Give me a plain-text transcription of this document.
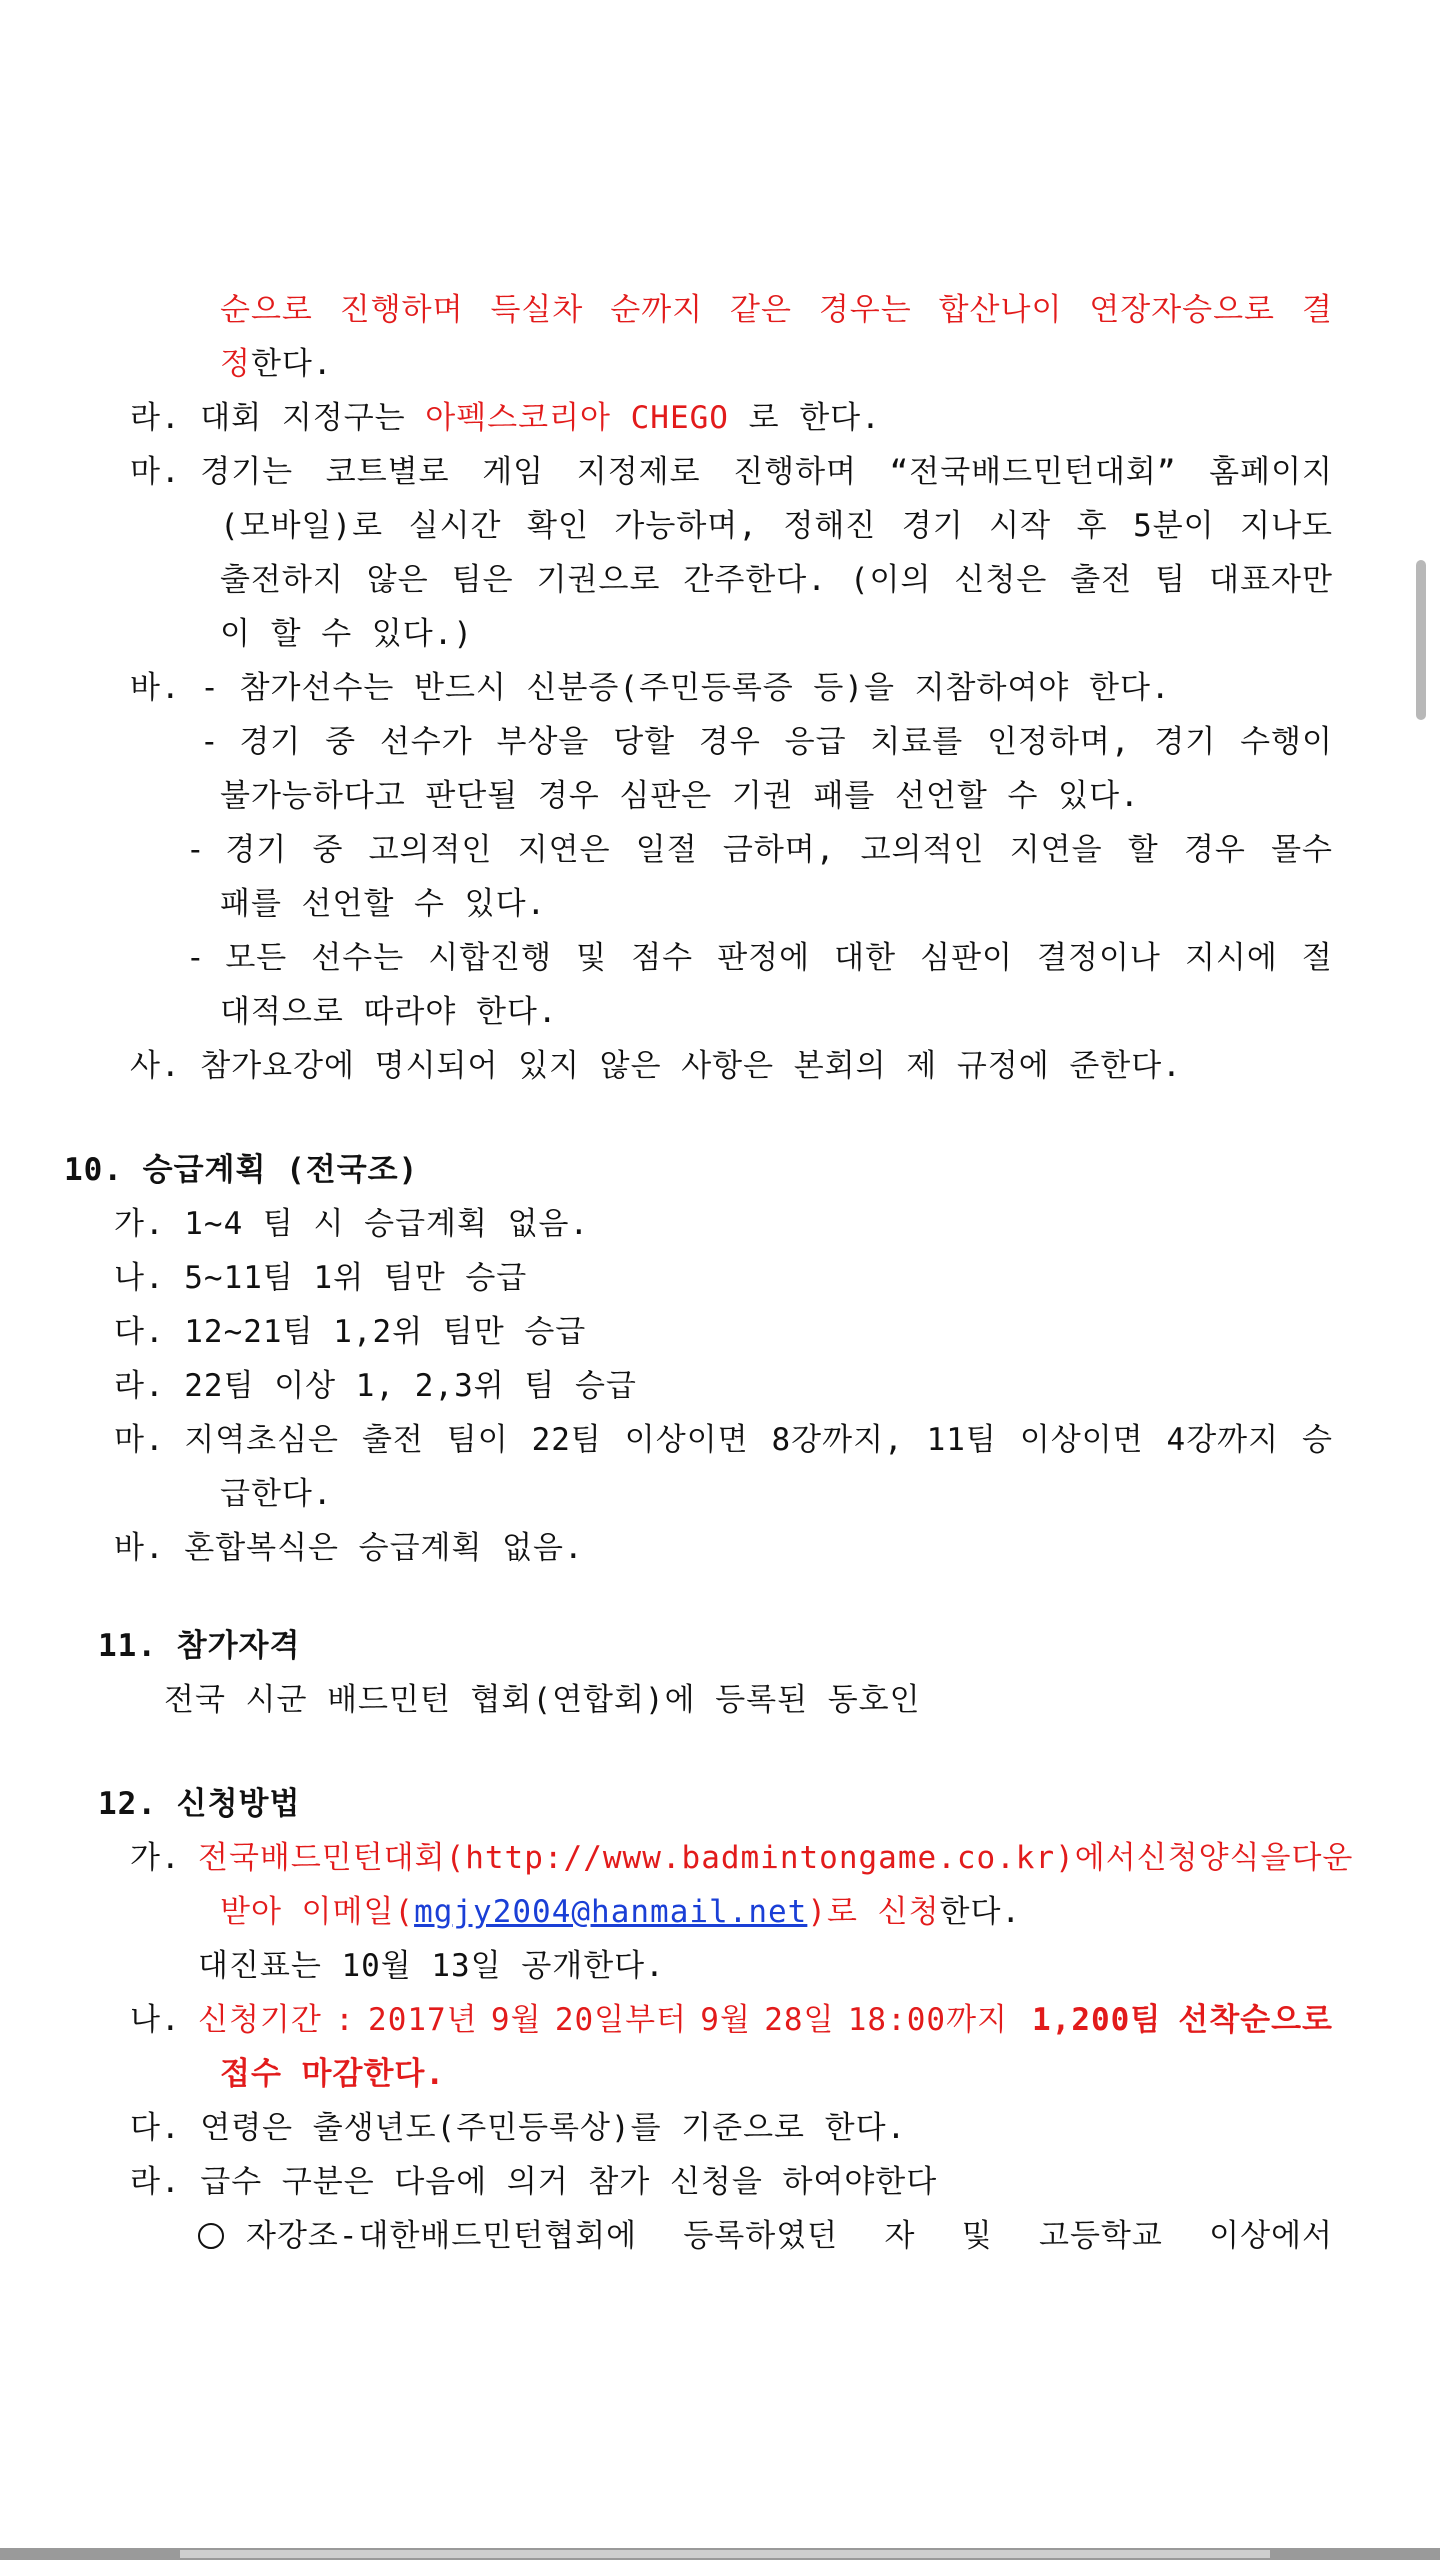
순으로 진행하며 득실차 순까지 같은 경우는 합산나이 연장자승으로 결
정한다.
라. 대회 지정구는 아펙스코리아 CHEGO 로 한다.
마. 경기는 코트별로 게임 지정제로 진행하며 “전국배드민턴대회” 홈페이지
(모바일)로 실시간 확인 가능하며, 정해진 경기 시작 후 5분이 지나도
출전하지 않은 팀은 기권으로 간주한다. (이의 신청은 출전 팀 대표자만
이 할 수 있다.)
바. - 참가선수는 반드시 신분증(주민등록증 등)을 지참하여야 한다.
- 경기 중 선수가 부상을 당할 경우 응급 치료를 인정하며, 경기 수행이
불가능하다고 판단될 경우 심판은 기권 패를 선언할 수 있다.
- 경기 중 고의적인 지연은 일절 금하며, 고의적인 지연을 할 경우 몰수
패를 선언할 수 있다.
- 모든 선수는 시합진행 및 점수 판정에 대한 심판이 결정이나 지시에 절
대적으로 따라야 한다.
사. 참가요강에 명시되어 있지 않은 사항은 본회의 제 규정에 준한다.
10. 승급계획 (전국조)
가. 1~4 팀 시 승급계획 없음.
나. 5~11팀 1위 팀만 승급
다. 12~21팀 1,2위 팀만 승급
라. 22팀 이상 1, 2,3위 팀 승급
마. 지역초심은 출전 팀이 22팀 이상이면 8강까지, 11팀 이상이면 4강까지 승
급한다.
바. 혼합복식은 승급계획 없음.
11. 참가자격
전국 시군 배드민턴 협회(연합회)에 등록된 동호인
12. 신청방법
가. 전국배드민턴대회(http://www.badmintongame.co.kr)에서 신청양식을 다운
받아 이메일(mgjy2004@hanmail.net)로 신청한다.
대진표는 10월 13일 공개한다.
나. 신청기간 : 2017년 9월 20일부터 9월 28일 18:00까지 1,200팀 선착순으로
접수 마감한다.
다. 연령은 출생년도(주민등록상)를 기준으로 한다.
라. 급수 구분은 다음에 의거 참가 신청을 하여야한다
자강조-대한배드민턴협회에 등록하였던 자 및 고등학교 이상에서
